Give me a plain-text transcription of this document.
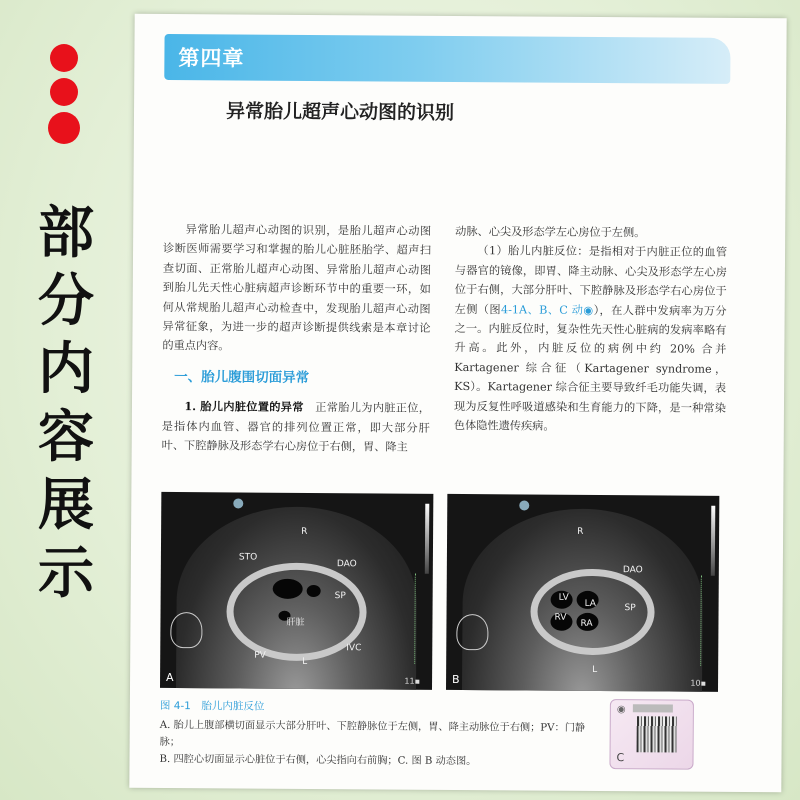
部
分
内
容
展
示
第四章
异常胎儿超声心动图的识别

异常胎儿超声心动图的识别，是胎儿超声心动图诊断医师需要学习和掌握的胎儿心脏胚胎学、超声扫查切面、正常胎儿超声心动图、异常胎儿超声心动图到胎儿先天性心脏病超声诊断环节中的重要一环，如何从常规胎儿超声心动检查中，发现胎儿超声心动图异常征象，为进一步的超声诊断提供线索是本章讨论的重点内容。

一、胎儿腹围切面异常

1. 胎儿内脏位置的异常　 正常胎儿为内脏正位，是指体内血管、器官的排列位置正常，即大部分肝叶、下腔静脉及形态学右心房位于右侧，胃、降主

动脉、心尖及形态学左心房位于左侧。

（1）胎儿内脏反位：是指相对于内脏正位的血管与器官的镜像，即胃、降主动脉、心尖及形态学左心房位于右侧，大部分肝叶、下腔静脉及形态学右心房位于左侧（图4-1A、B、C 动◉），在人群中发病率为万分之一。内脏反位时，复杂性先天性心脏病的发病率略有升高。此外，内脏反位的病例中约 20% 合并 Kartagener 综合征（Kartagener syndrome，KS）。Kartagener 综合征主要导致纤毛功能失调，表现为反复性呼吸道感染和生育能力的下降，是一种常染色体隐性遗传疾病。

STO
R
DAO
SP
肝脏
PV
IVC
L
A	11▪
DAO
LV
LA	SP
RV
RA
R
L
B	10▪
图 4-1　胎儿内脏反位
A. 胎儿上腹部横切面显示大部分肝叶、下腔静脉位于左侧，胃、降主动脉位于右侧；PV：门静脉；
B. 四腔心切面显示心脏位于右侧，心尖指向右前胸；C. 图 B 动态图。
◉
C
